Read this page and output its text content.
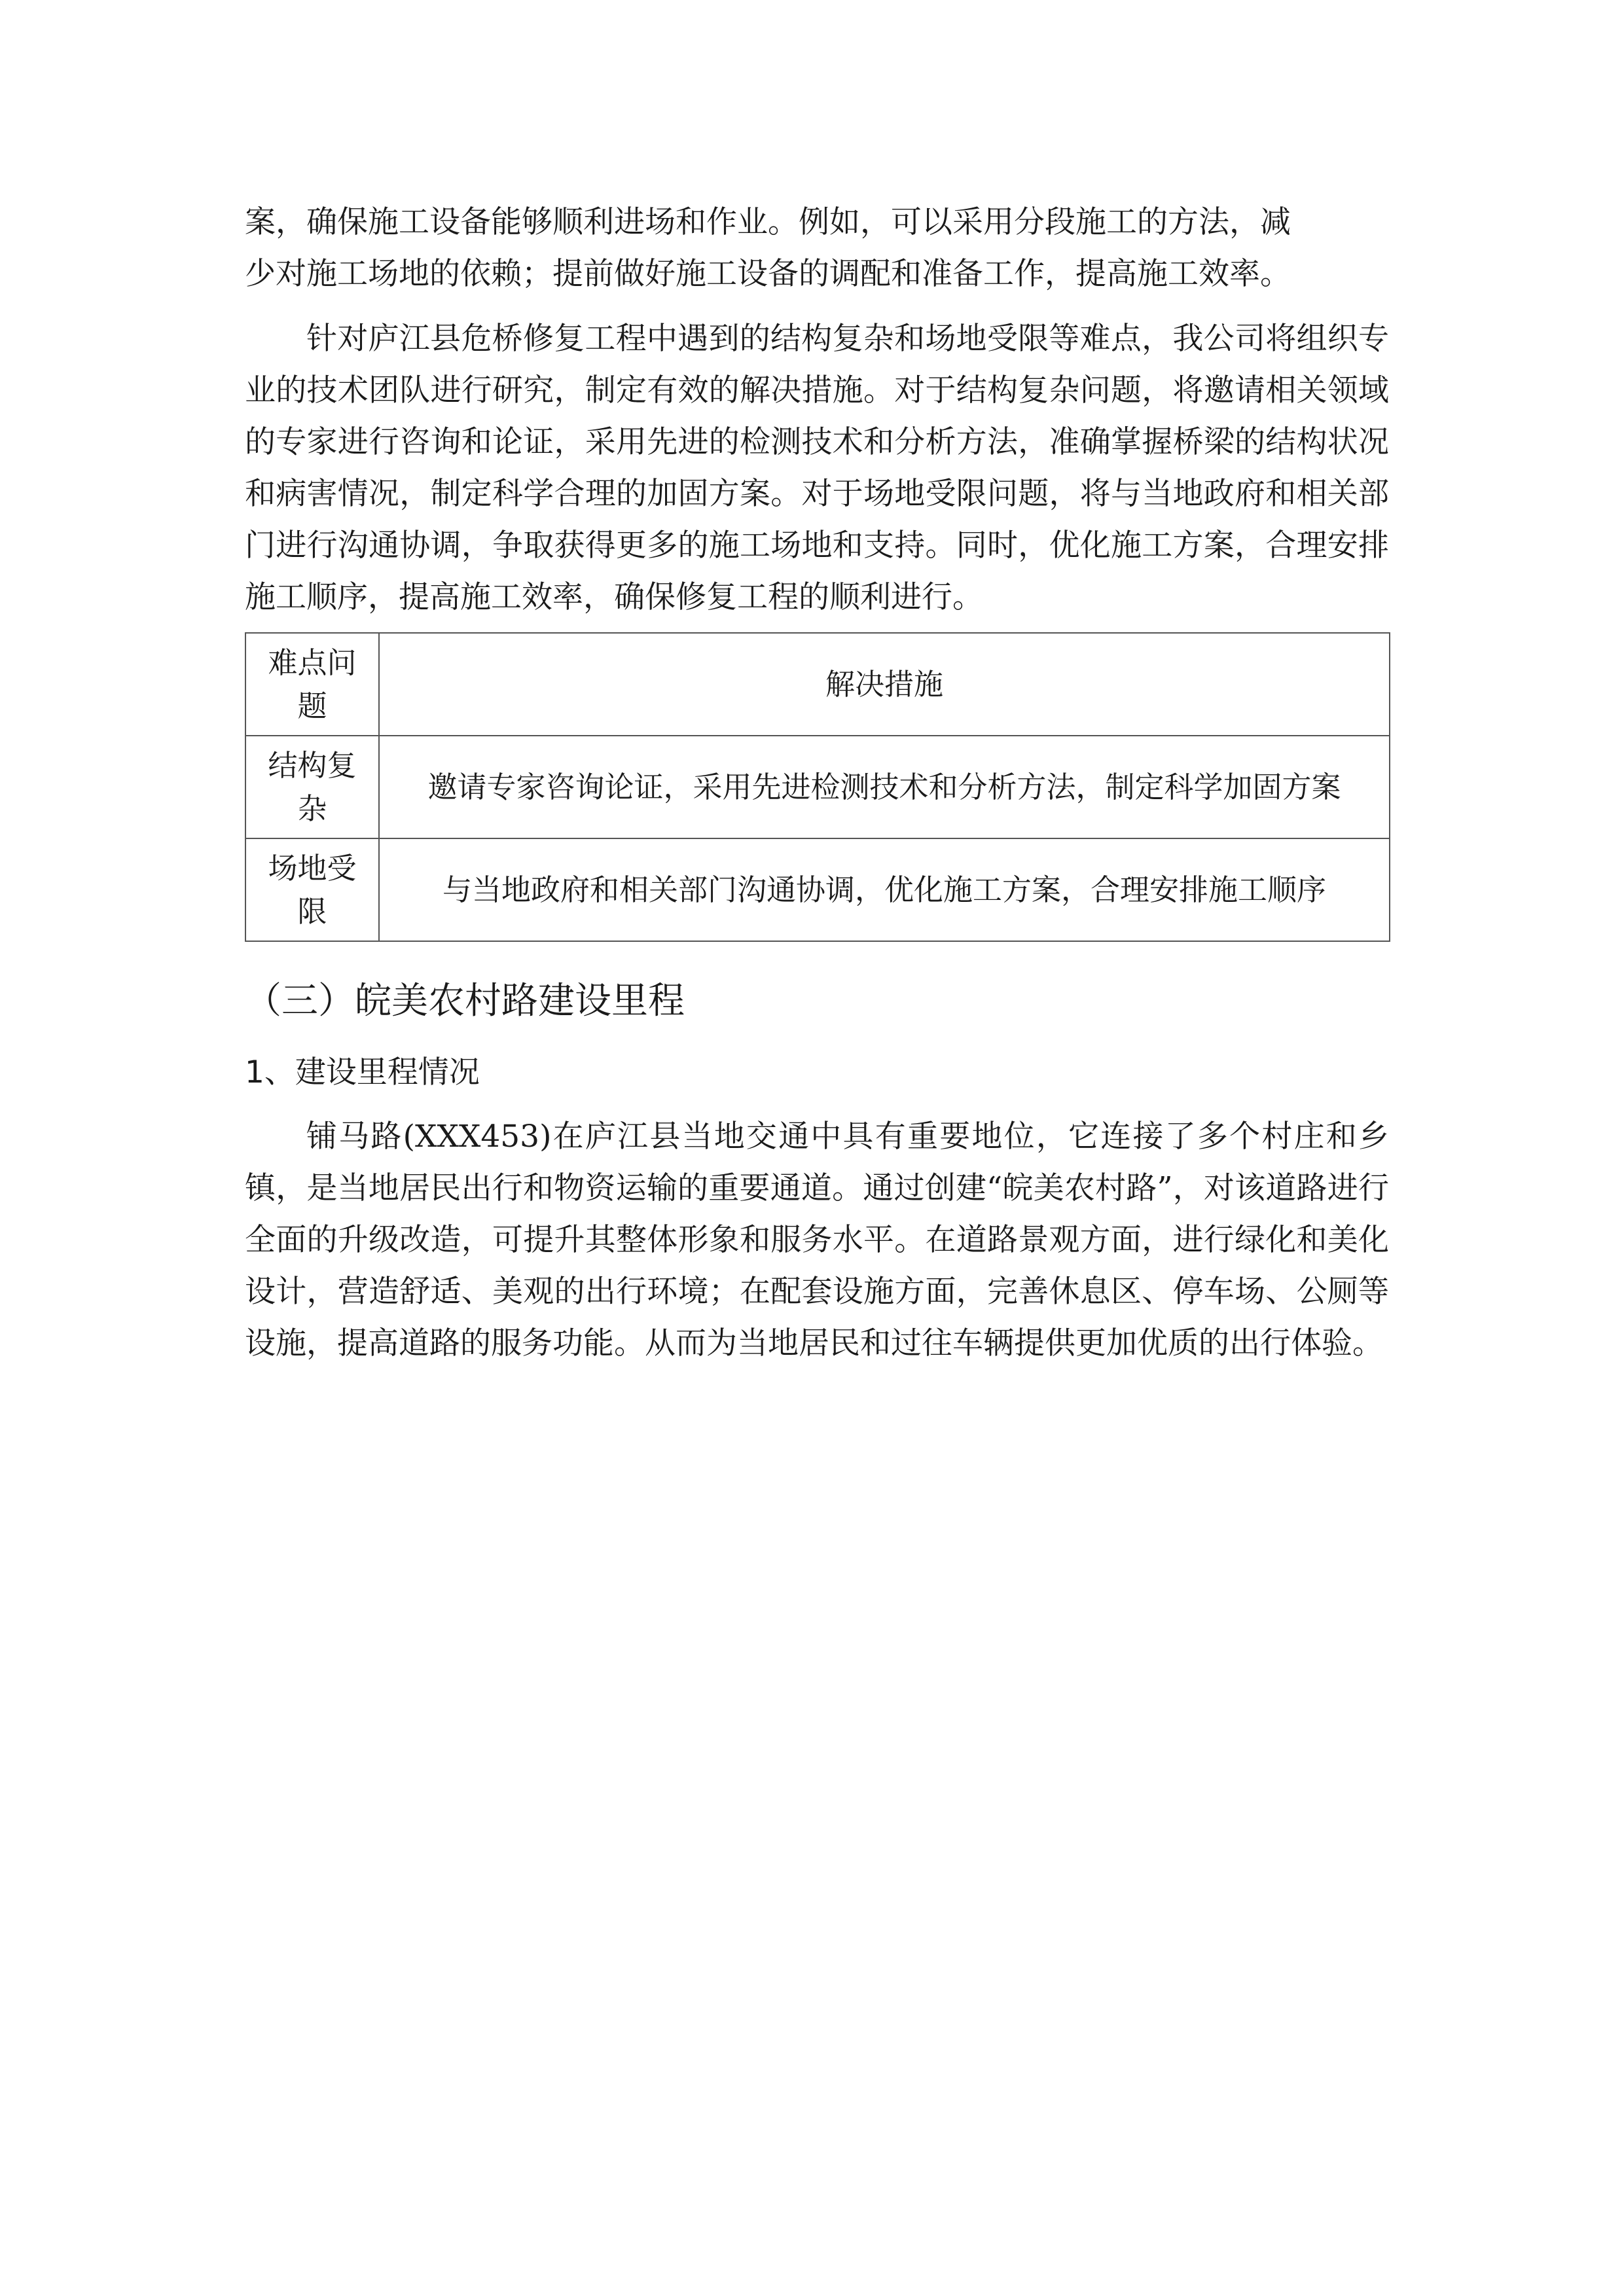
案，确保施工设备能够顺利进场和作业。例如，可以采用分段施工的方法，减

少对施工场地的依赖；提前做好施工设备的调配和准备工作，提高施工效率。

针对庐江县危桥修复工程中遇到的结构复杂和场地受限等难点，我公司将组织专业的技术团队进行研究，制定有效的解决措施。对于结构复杂问题，将邀请相关领域的专家进行咨询和论证，采用先进的检测技术和分析方法，准确掌握桥梁的结构状况和病害情况，制定科学合理的加固方案。对于场地受限问题，将与当地政府和相关部门进行沟通协调，争取获得更多的施工场地和支持。同时，优化施工方案，合理安排施工顺序，提高施工效率，确保修复工程的顺利进行。

难点问题	解决措施
结构复杂	邀请专家咨询论证，采用先进检测技术和分析方法，制定科学加固方案
场地受限	与当地政府和相关部门沟通协调，优化施工方案，合理安排施工顺序
（三）皖美农村路建设里程
1、建设里程情况

铺马路(XXX453)在庐江县当地交通中具有重要地位，它连接了多个村庄和乡镇，是当地居民出行和物资运输的重要通道。通过创建“皖美农村路”，对该道路进行全面的升级改造，可提升其整体形象和服务水平。在道路景观方面，进行绿化和美化设计，营造舒适、美观的出行环境；在配套设施方面，完善休息区、停车场、公厕等设施，提高道路的服务功能。从而为当地居民和过往车辆提供更加优质的出行体验。
